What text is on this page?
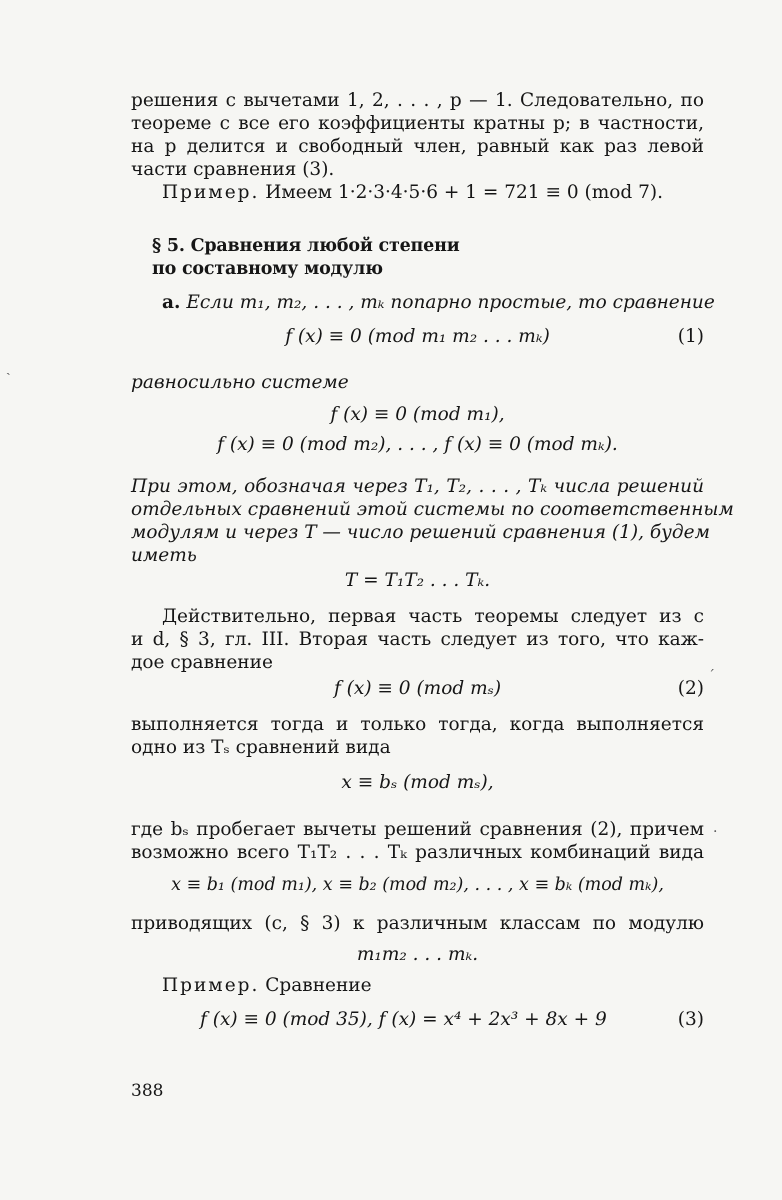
решения с вычетами 1, 2, . . . , p — 1. Следовательно, по
теореме с все его коэффициенты кратны p; в частности,
на p делится и свободный член, равный как раз левой
части сравнения (3).
Пример. Имеем 1·2·3·4·5·6 + 1 = 721 ≡ 0 (mod 7).
§ 5. Сравнения любой степени
по составному модулю
a. Если m₁, m₂, . . . , mₖ попарно простые, то сравнение
f (x) ≡ 0 (mod m₁ m₂ . . . mₖ)	(1)
ˏ
равносильно системе
f (x) ≡ 0 (mod m₁),
f (x) ≡ 0 (mod m₂), . . . , f (x) ≡ 0 (mod mₖ).
При этом, обозначая через T₁, T₂, . . . , Tₖ числа решений
отдельных сравнений этой системы по соответственным
модулям и через T — число решений сравнения (1), будем
иметь
T = T₁T₂ . . . Tₖ.
Действительно, первая часть теоремы следует из c
и d, § 3, гл. III. Вторая часть следует из того, что каж-
дое сравнение
f (x) ≡ 0 (mod mₛ)	(2)
ˊ
выполняется тогда и только тогда, когда выполняется
одно из Tₛ сравнений вида
x ≡ bₛ (mod mₛ),
где bₛ пробегает вычеты решений сравнения (2), причем .
возможно всего T₁T₂ . . . Tₖ различных комбинаций вида
x ≡ b₁ (mod m₁), x ≡ b₂ (mod m₂), . . . , x ≡ bₖ (mod mₖ),
приводящих (c, § 3) к различным классам по модулю
m₁m₂ . . . mₖ.
Пример. Сравнение
f (x) ≡ 0 (mod 35), f (x) = x⁴ + 2x³ + 8x + 9	(3)
388
